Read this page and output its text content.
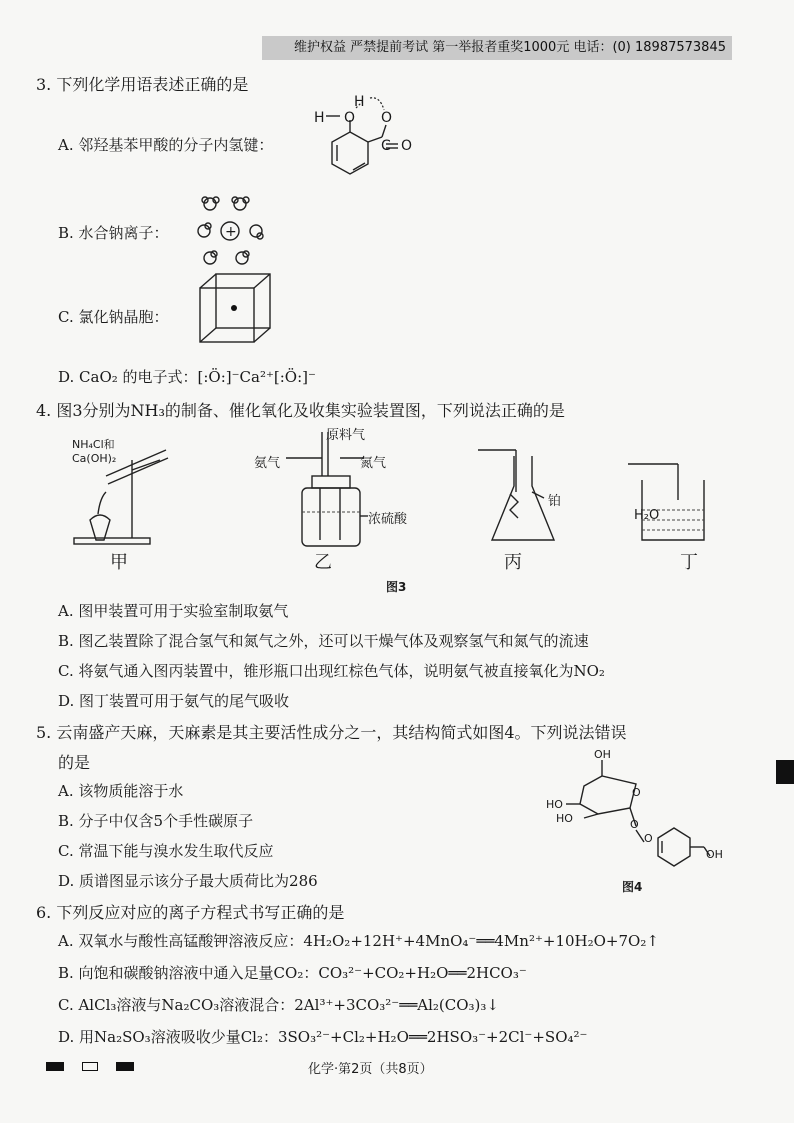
维护权益 严禁提前考试 第一举报者重奖1000元 电话：(0) 18987573845
3. 下列化学用语表述正确的是
A. 邻羟基苯甲酸的分子内氢键：
H
H O O
C O
B. 水合钠离子：	+
C. 氯化钠晶胞：
D. CaO₂ 的电子式：[:Ö:]⁻Ca²⁺[:Ö:]⁻
4. 图3分别为NH₃的制备、催化氧化及收集实验装置图，下列说法正确的是
NH₄Cl和
Ca(OH)₂
甲
原料气
氨气	氮气
浓硫酸
乙
铂
丙
H₂O
丁
图3
A. 图甲装置可用于实验室制取氨气
B. 图乙装置除了混合氢气和氮气之外，还可以干燥气体及观察氢气和氮气的流速
C. 将氨气通入图丙装置中，锥形瓶口出现红棕色气体，说明氨气被直接氧化为NO₂
D. 图丁装置可用于氨气的尾气吸收
5. 云南盛产天麻，天麻素是其主要活性成分之一，其结构简式如图4。下列说法错误
的是
A. 该物质能溶于水
B. 分子中仅含5个手性碳原子
C. 常温下能与溴水发生取代反应
D. 质谱图显示该分子最大质荷比为286
OH
HO
HO
O
O
O
OH
图4
6. 下列反应对应的离子方程式书写正确的是
A. 双氧水与酸性高锰酸钾溶液反应：4H₂O₂+12H⁺+4MnO₄⁻══4Mn²⁺+10H₂O+7O₂↑
B. 向饱和碳酸钠溶液中通入足量CO₂：CO₃²⁻+CO₂+H₂O══2HCO₃⁻
C. AlCl₃溶液与Na₂CO₃溶液混合：2Al³⁺+3CO₃²⁻══Al₂(CO₃)₃↓
D. 用Na₂SO₃溶液吸收少量Cl₂：3SO₃²⁻+Cl₂+H₂O══2HSO₃⁻+2Cl⁻+SO₄²⁻
化学·第2页（共8页）
